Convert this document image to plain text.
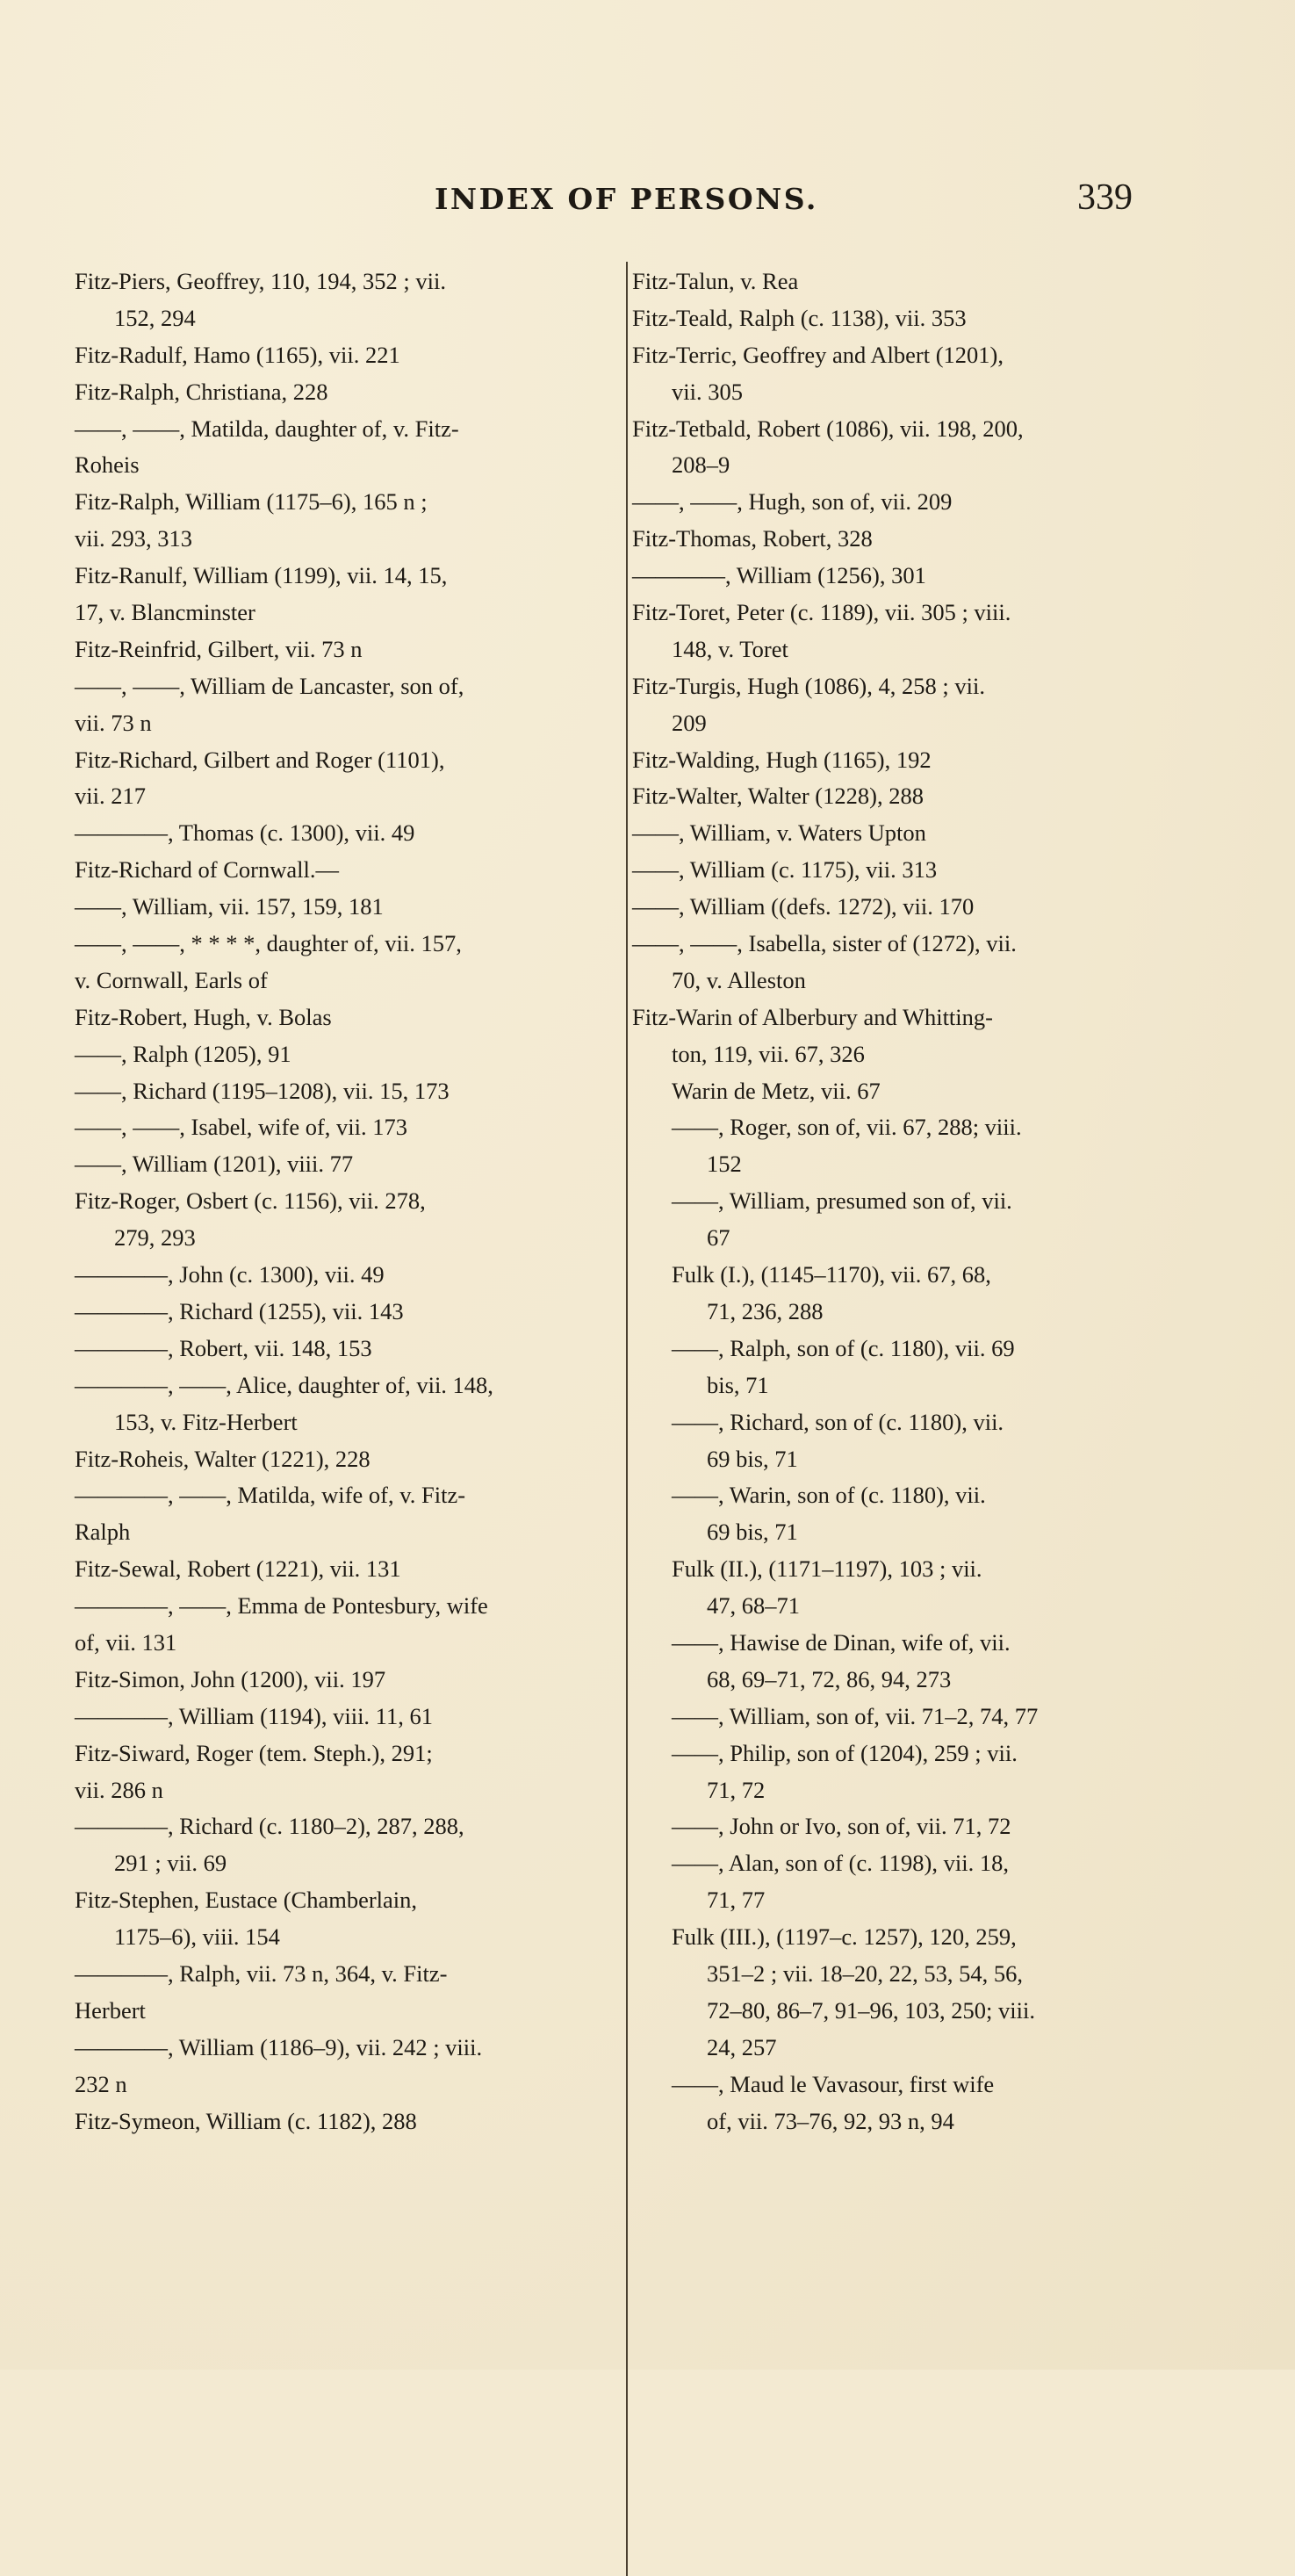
INDEX OF PERSONS.	339
Fitz-Piers, Geoffrey, 110, 194, 352 ; vii.
152, 294
Fitz-Radulf, Hamo (1165), vii. 221
Fitz-Ralph, Christiana, 228
——, ——, Matilda, daughter of, v. Fitz-
Roheis
Fitz-Ralph, William (1175–6), 165 n ;
vii. 293, 313
Fitz-Ranulf, William (1199), vii. 14, 15,
17, v. Blancminster
Fitz-Reinfrid, Gilbert, vii. 73 n
——, ——, William de Lancaster, son of,
vii. 73 n
Fitz-Richard, Gilbert and Roger (1101),
vii. 217
————, Thomas (c. 1300), vii. 49
Fitz-Richard of Cornwall.—
——, William, vii. 157, 159, 181
——, ——, * * * *, daughter of, vii. 157,
v. Cornwall, Earls of
Fitz-Robert, Hugh, v. Bolas
——, Ralph (1205), 91
——, Richard (1195–1208), vii. 15, 173
——, ——, Isabel, wife of, vii. 173
——, William (1201), viii. 77
Fitz-Roger, Osbert (c. 1156), vii. 278,
279, 293
————, John (c. 1300), vii. 49
————, Richard (1255), vii. 143
————, Robert, vii. 148, 153
————, ——, Alice, daughter of, vii. 148,
153, v. Fitz-Herbert
Fitz-Roheis, Walter (1221), 228
————, ——, Matilda, wife of, v. Fitz-
Ralph
Fitz-Sewal, Robert (1221), vii. 131
————, ——, Emma de Pontesbury, wife
of, vii. 131
Fitz-Simon, John (1200), vii. 197
————, William (1194), viii. 11, 61
Fitz-Siward, Roger (tem. Steph.), 291;
vii. 286 n
————, Richard (c. 1180–2), 287, 288,
291 ; vii. 69
Fitz-Stephen, Eustace (Chamberlain,
1175–6), viii. 154
————, Ralph, vii. 73 n, 364, v. Fitz-
Herbert
————, William (1186–9), vii. 242 ; viii.
232 n
Fitz-Symeon, William (c. 1182), 288
Fitz-Talun, v. Rea
Fitz-Teald, Ralph (c. 1138), vii. 353
Fitz-Terric, Geoffrey and Albert (1201),
vii. 305
Fitz-Tetbald, Robert (1086), vii. 198, 200,
208–9
——, ——, Hugh, son of, vii. 209
Fitz-Thomas, Robert, 328
————, William (1256), 301
Fitz-Toret, Peter (c. 1189), vii. 305 ; viii.
148, v. Toret
Fitz-Turgis, Hugh (1086), 4, 258 ; vii.
209
Fitz-Walding, Hugh (1165), 192
Fitz-Walter, Walter (1228), 288
——, William, v. Waters Upton
——, William (c. 1175), vii. 313
——, William ((defs. 1272), vii. 170
——, ——, Isabella, sister of (1272), vii.
70, v. Alleston
Fitz-Warin of Alberbury and Whitting-
ton, 119, vii. 67, 326
Warin de Metz, vii. 67
——, Roger, son of, vii. 67, 288; viii.
152
——, William, presumed son of, vii.
67
Fulk (I.), (1145–1170), vii. 67, 68,
71, 236, 288
——, Ralph, son of (c. 1180), vii. 69
bis, 71
——, Richard, son of (c. 1180), vii.
69 bis, 71
——, Warin, son of (c. 1180), vii.
69 bis, 71
Fulk (II.), (1171–1197), 103 ; vii.
47, 68–71
——, Hawise de Dinan, wife of, vii.
68, 69–71, 72, 86, 94, 273
——, William, son of, vii. 71–2, 74, 77
——, Philip, son of (1204), 259 ; vii.
71, 72
——, John or Ivo, son of, vii. 71, 72
——, Alan, son of (c. 1198), vii. 18,
71, 77
Fulk (III.), (1197–c. 1257), 120, 259,
351–2 ; vii. 18–20, 22, 53, 54, 56,
72–80, 86–7, 91–96, 103, 250; viii.
24, 257
——, Maud le Vavasour, first wife
of, vii. 73–76, 92, 93 n, 94
